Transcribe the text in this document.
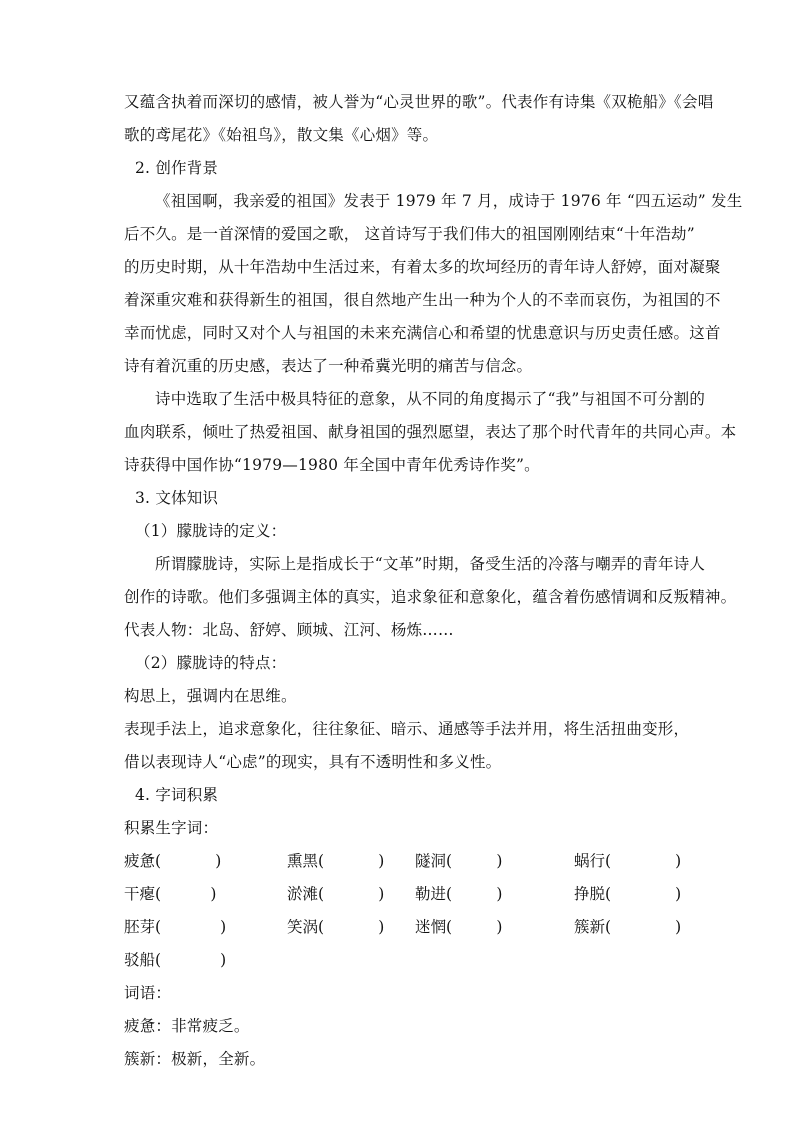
又蕴含执着而深切的感情，被人誉为“心灵世界的歌”。代表作有诗集《双桅船》《会唱
歌的鸢尾花》《始祖鸟》，散文集《心烟》等。
2. 创作背景
《祖国啊，我亲爱的祖国》发表于 1979 年 7 月，成诗于 1976 年 “四五运动” 发生
后不久。是一首深情的爱国之歌， 这首诗写于我们伟大的祖国刚刚结束“十年浩劫”
的历史时期，从十年浩劫中生活过来，有着太多的坎坷经历的青年诗人舒婷，面对凝聚
着深重灾难和获得新生的祖国，很自然地产生出一种为个人的不幸而哀伤，为祖国的不
幸而忧虑，同时又对个人与祖国的未来充满信心和希望的忧患意识与历史责任感。这首
诗有着沉重的历史感，表达了一种希冀光明的痛苦与信念。
诗中选取了生活中极具特征的意象，从不同的角度揭示了“我”与祖国不可分割的
血肉联系，倾吐了热爱祖国、献身祖国的强烈愿望，表达了那个时代青年的共同心声。本
诗获得中国作协“1979—1980 年全国中青年优秀诗作奖”。
3. 文体知识
（1）朦胧诗的定义：
所谓朦胧诗，实际上是指成长于“文革”时期，备受生活的冷落与嘲弄的青年诗人
创作的诗歌。他们多强调主体的真实，追求象征和意象化，蕴含着伤感情调和反叛精神。
代表人物：北岛、舒婷、顾城、江河、杨炼……
（2）朦胧诗的特点：
构思上，强调内在思维。
表现手法上，追求意象化，往往象征、暗示、通感等手法并用，将生活扭曲变形，
借以表现诗人“心虑”的现实，具有不透明性和多义性。
4. 字词积累
积累生字词：
疲惫(           )	熏黑(           ) 隧洞(         )	蜗行(             )
干瘪(          )	淤滩(           ) 勒进(         )	挣脱(             )
胚芽(            )	笑涡(           ) 迷惘(         )	簇新(             )
驳船(            )
词语：
疲惫：非常疲乏。
簇新：极新，全新。
